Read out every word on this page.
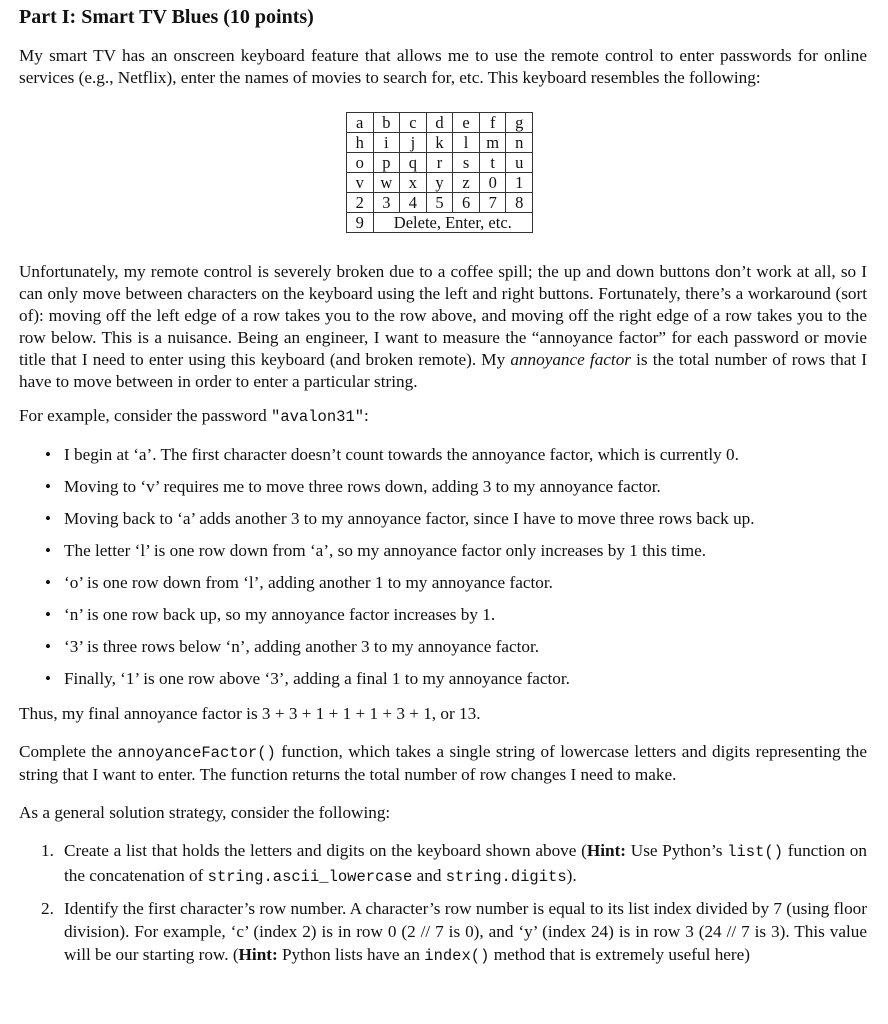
Part I: Smart TV Blues (10 points)

My smart TV has an onscreen keyboard feature that allows me to use the remote control to enter passwords for online services (e.g., Netflix), enter the names of movies to search for, etc. This keyboard resembles the following:

a	b	c	d	e	f	g
h	i	j	k	l	m	n
o	p	q	r	s	t	u
v	w	x	y	z	0	1
2	3	4	5	6	7	8
9	Delete, Enter, etc.					

Unfortunately, my remote control is severely broken due to a coffee spill; the up and down buttons don’t work at all, so I can only move between characters on the keyboard using the left and right buttons. Fortunately, there’s a workaround (sort of): moving off the left edge of a row takes you to the row above, and moving off the right edge of a row takes you to the row below. This is a nuisance. Being an engineer, I want to measure the “annoyance factor” for each password or movie title that I need to enter using this keyboard (and broken remote). My annoyance factor is the total number of rows that I have to move between in order to enter a particular string.

For example, consider the password "avalon31":

• I begin at ‘a’. The first character doesn’t count towards the annoyance factor, which is currently 0.
• Moving to ‘v’ requires me to move three rows down, adding 3 to my annoyance factor.
• Moving back to ‘a’ adds another 3 to my annoyance factor, since I have to move three rows back up.
• The letter ‘l’ is one row down from ‘a’, so my annoyance factor only increases by 1 this time.
• ‘o’ is one row down from ‘l’, adding another 1 to my annoyance factor.
• ‘n’ is one row back up, so my annoyance factor increases by 1.
• ‘3’ is three rows below ‘n’, adding another 3 to my annoyance factor.
• Finally, ‘1’ is one row above ‘3’, adding a final 1 to my annoyance factor.

Thus, my final annoyance factor is 3 + 3 + 1 + 1 + 1 + 3 + 1, or 13.

Complete the annoyanceFactor() function, which takes a single string of lowercase letters and digits representing the string that I want to enter. The function returns the total number of row changes I need to make.

As a general solution strategy, consider the following:

1. Create a list that holds the letters and digits on the keyboard shown above (Hint: Use Python’s list() function on the concatenation of string.ascii_lowercase and string.digits).
2. Identify the first character’s row number. A character’s row number is equal to its list index divided by 7 (using floor division). For example, ‘c’ (index 2) is in row 0 (2 // 7 is 0), and ‘y’ (index 24) is in row 3 (24 // 7 is 3). This value will be our starting row. (Hint: Python lists have an index() method that is extremely useful here)
